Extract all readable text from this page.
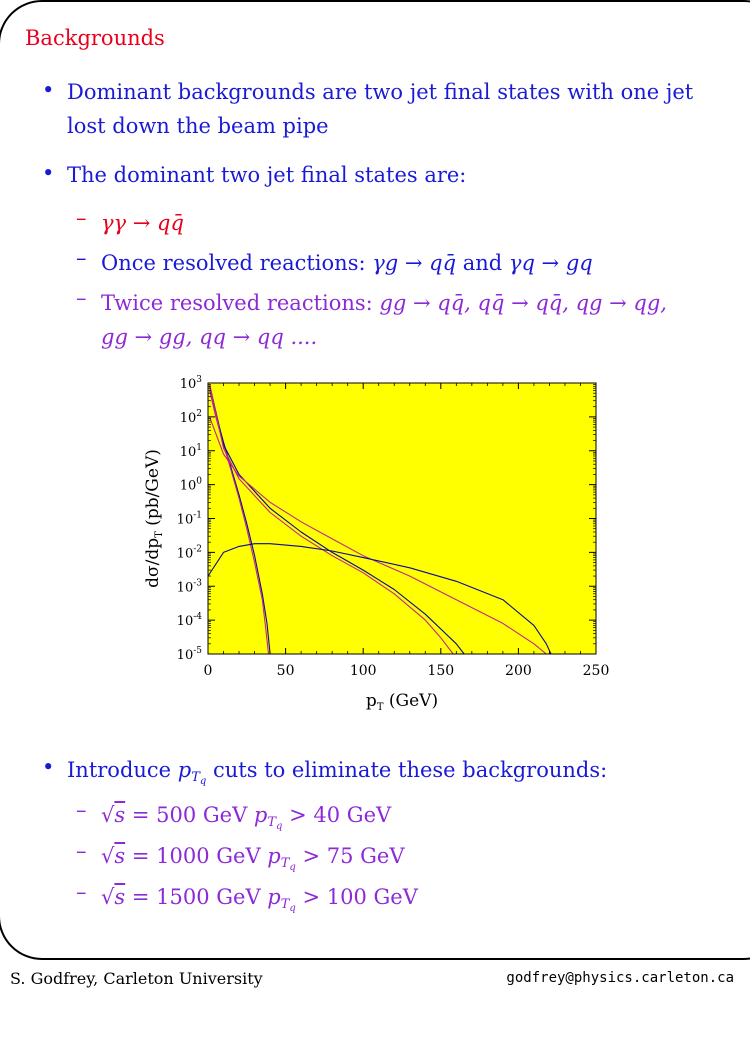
Backgrounds
• Dominant backgrounds are two jet final states with one jet lost down the beam pipe
• The dominant two jet final states are:
– γγ → qq̄
– Once resolved reactions: γg → qq̄ and γq → gq
– Twice resolved reactions: gg → qq̄, qq̄ → qq̄, qg → qg,
gg → gg, qq → qq ....
0	50	100	150	200	250
$10^3$
$10^2$
$10^1$
$10^0$
$10^{-1}$
$10^{-2}$
$10^{-3}$
$10^{-4}$
$10^{-5}$
$p_T$ (GeV)
$d\sigma/dp_T$ (pb/GeV)
• Introduce $p_{Tq}$ cuts to eliminate these backgrounds:
– √s = 500 GeV $p_{Tq} > 40$ GeV
– √s = 1000 GeV $p_{Tq} > 75$ GeV
– √s = 1500 GeV $p_{Tq} > 100$ GeV
S. Godfrey, Carleton University	godfrey@physics.carleton.ca
